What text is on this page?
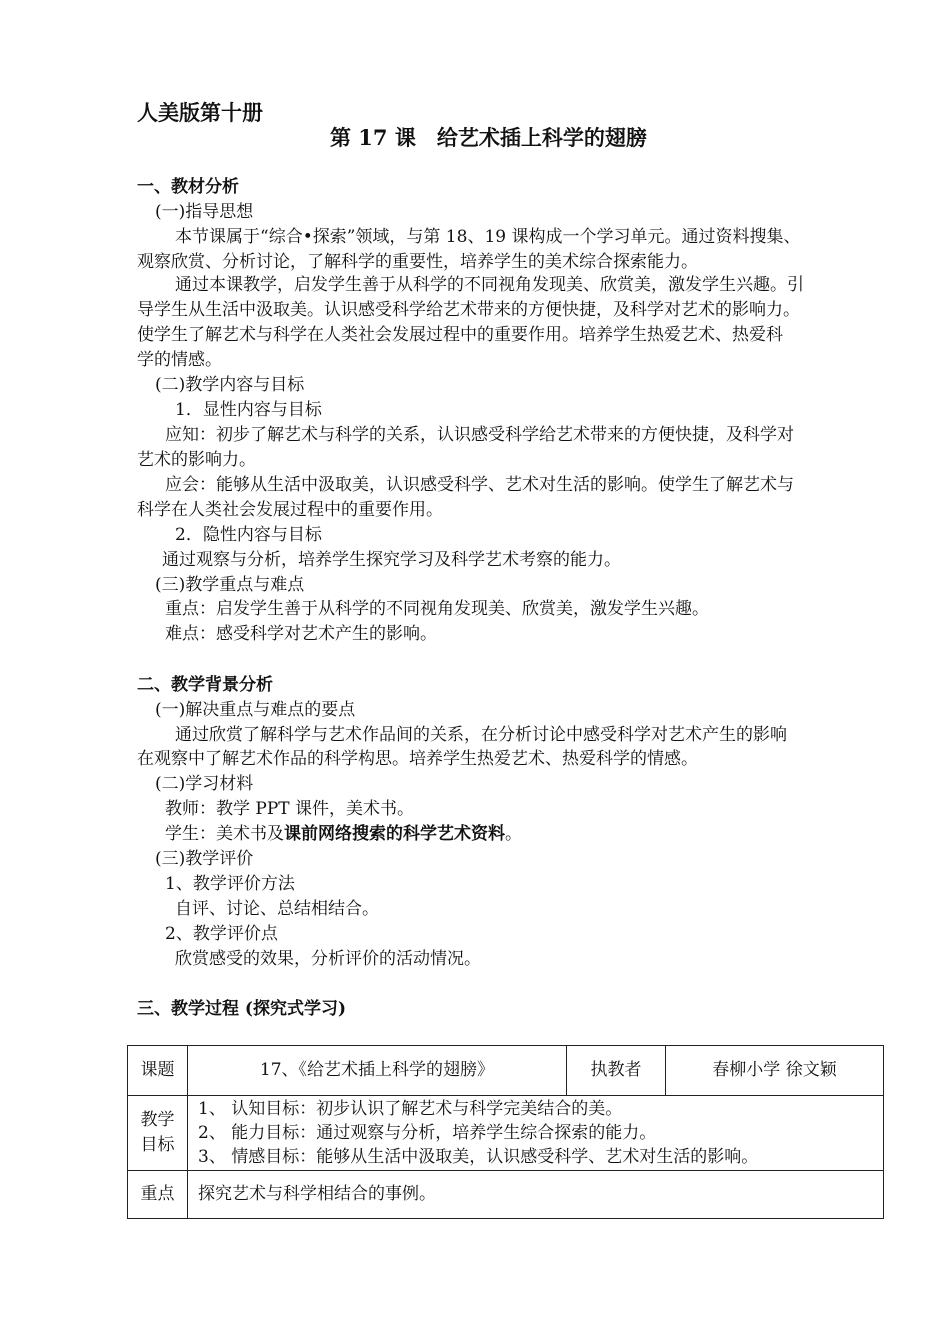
人美版第十册
第 17 课　给艺术插上科学的翅膀
一、教材分析
(一)指导思想
本节课属于“综合•探索”领域，与第 18、19 课构成一个学习单元。通过资料搜集、
观察欣赏、分析讨论，了解科学的重要性，培养学生的美术综合探索能力。
通过本课教学，启发学生善于从科学的不同视角发现美、欣赏美，激发学生兴趣。引
导学生从生活中汲取美。认识感受科学给艺术带来的方便快捷，及科学对艺术的影响力。
使学生了解艺术与科学在人类社会发展过程中的重要作用。培养学生热爱艺术、热爱科
学的情感。
(二)教学内容与目标
1．显性内容与目标
应知：初步了解艺术与科学的关系，认识感受科学给艺术带来的方便快捷，及科学对
艺术的影响力。
应会：能够从生活中汲取美，认识感受科学、艺术对生活的影响。使学生了解艺术与
科学在人类社会发展过程中的重要作用。
2．隐性内容与目标
通过观察与分析，培养学生探究学习及科学艺术考察的能力。
(三)教学重点与难点
重点：启发学生善于从科学的不同视角发现美、欣赏美，激发学生兴趣。
难点：感受科学对艺术产生的影响。
二、教学背景分析
(一)解决重点与难点的要点
通过欣赏了解科学与艺术作品间的关系，在分析讨论中感受科学对艺术产生的影响
在观察中了解艺术作品的科学构思。培养学生热爱艺术、热爱科学的情感。
(二)学习材料
教师：教学 PPT 课件，美术书。
学生：美术书及课前网络搜索的科学艺术资料。
(三)教学评价
1、教学评价方法
自评、讨论、总结相结合。
2、教学评价点
欣赏感受的效果，分析评价的活动情况。
三、教学过程 (探究式学习)
课题	17、《给艺术插上科学的翅膀》	执教者	春柳小学 徐文颖

教学
目标	1、 认知目标：初步认识了解艺术与科学完美结合的美。
2、 能力目标：通过观察与分析，培养学生综合探索的能力。
3、 情感目标：能够从生活中汲取美，认识感受科学、艺术对生活的影响。		

重点	探究艺术与科学相结合的事例。		
